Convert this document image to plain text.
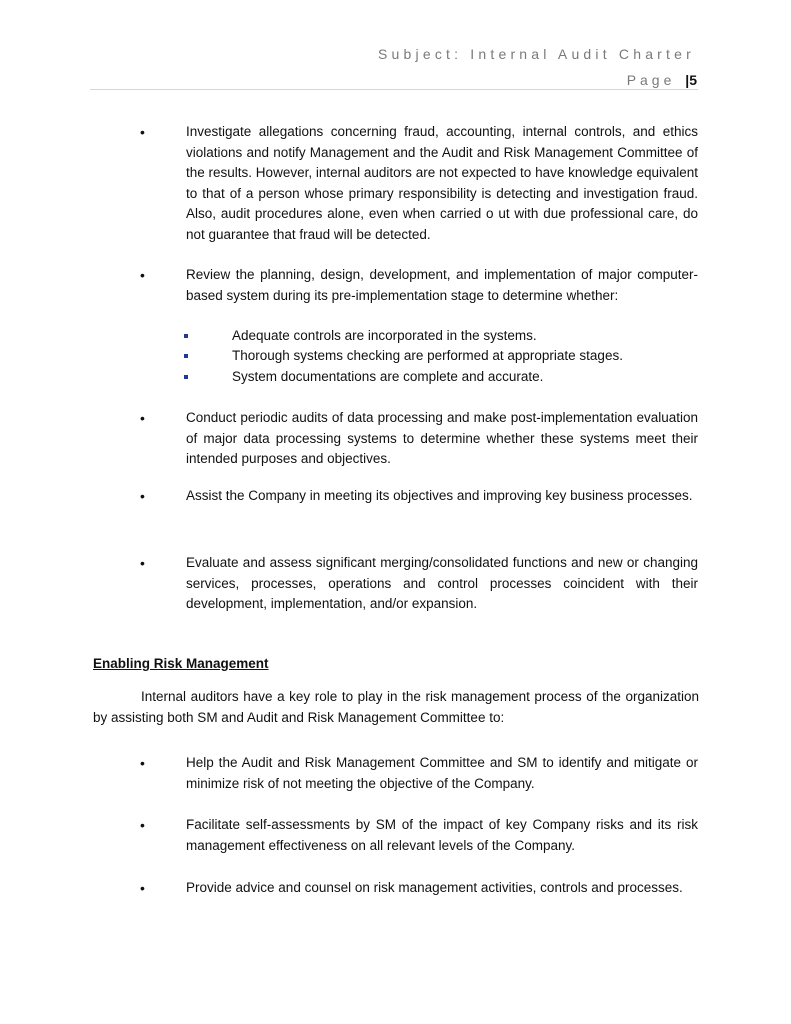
Subject: Internal Audit Charter
Page |5
•	Investigate allegations concerning fraud, accounting, internal controls, and ethics violations and notify Management and the Audit and Risk Management Committee of the results. However, internal auditors are not expected to have knowledge equivalent to that of a person whose primary responsibility is detecting and investigation fraud. Also, audit procedures alone, even when carried o ut with due professional care, do not guarantee that fraud will be detected.
•	Review the planning, design, development, and implementation of major computer-based system during its pre-implementation stage to determine whether:
Adequate controls are incorporated in the systems.
Thorough systems checking are performed at appropriate stages.
System documentations are complete and accurate.
•	Conduct periodic audits of data processing and make post-implementation evaluation of major data processing systems to determine whether these systems meet their intended purposes and objectives.
•	Assist the Company in meeting its objectives and improving key business processes.
•	Evaluate and assess significant merging/consolidated functions and new or changing services, processes, operations and control processes coincident with their development, implementation, and/or expansion.
Enabling Risk Management
Internal auditors have a key role to play in the risk management process of the organization by assisting both SM and Audit and Risk Management Committee to:
•	Help the Audit and Risk Management Committee and SM to identify and mitigate or minimize risk of not meeting the objective of the Company.
•	Facilitate self-assessments by SM of the impact of key Company risks and its risk management effectiveness on all relevant levels of the Company.
•	Provide advice and counsel on risk management activities, controls and processes.
